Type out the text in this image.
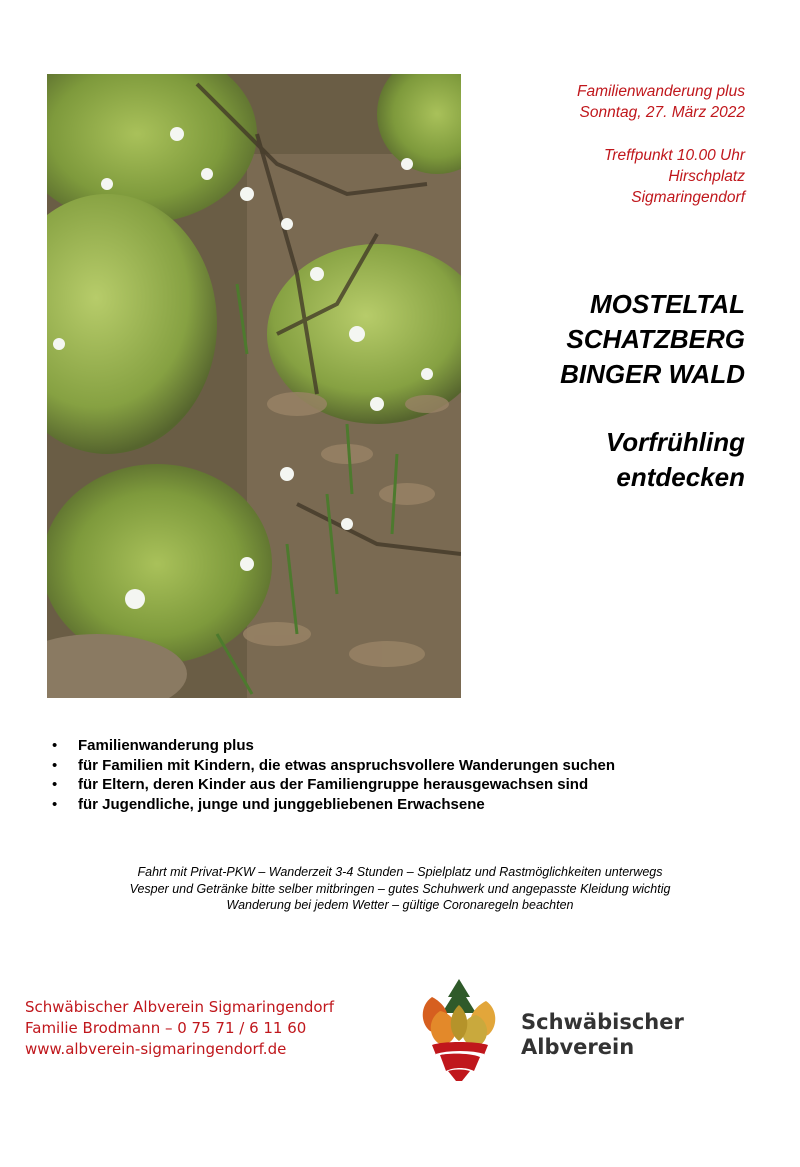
Familienwanderung plus
Sonntag, 27. März 2022
Treffpunkt 10.00 Uhr
Hirschplatz
Sigmaringendorf
MOSTELTAL
SCHATZBERG
BINGER WALD
Vorfrühling
entdecken
• Familienwanderung plus
• für Familien mit Kindern, die etwas anspruchsvollere Wanderungen suchen
• für Eltern, deren Kinder aus der Familiengruppe herausgewachsen sind
• für Jugendliche, junge und junggebliebenen Erwachsene
Fahrt mit Privat-PKW – Wanderzeit 3-4 Stunden – Spielplatz und Rastmöglichkeiten unterwegs
Vesper und Getränke bitte selber mitbringen – gutes Schuhwerk und angepasste Kleidung wichtig
Wanderung bei jedem Wetter – gültige Coronaregeln beachten
Schwäbischer Albverein Sigmaringendorf
Familie Brodmann – 0 75 71 / 6 11 60
www.albverein-sigmaringendorf.de
Schwäbischer
Albverein
